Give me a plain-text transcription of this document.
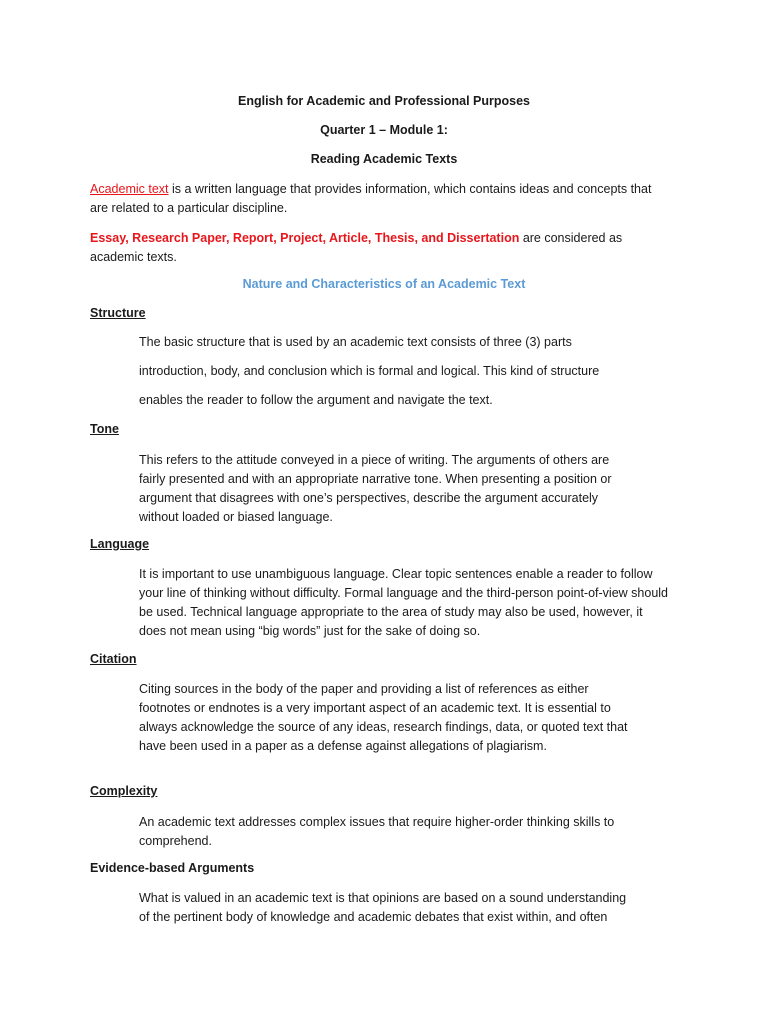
English for Academic and Professional Purposes
Quarter 1 – Module 1:
Reading Academic Texts
Academic text is a written language that provides information, which contains ideas and concepts that are related to a particular discipline.
Essay, Research Paper, Report, Project, Article, Thesis, and Dissertation are considered as academic texts.
Nature and Characteristics of an Academic Text
Structure
The basic structure that is used by an academic text consists of three (3) parts
introduction, body, and conclusion which is formal and logical. This kind of structure
enables the reader to follow the argument and navigate the text.
Tone
This refers to the attitude conveyed in a piece of writing. The arguments of others are fairly presented and with an appropriate narrative tone. When presenting a position or argument that disagrees with one’s perspectives, describe the argument accurately without loaded or biased language.
Language
It is important to use unambiguous language. Clear topic sentences enable a reader to follow your line of thinking without difficulty. Formal language and the third-person point-of-view should be used. Technical language appropriate to the area of study may also be used, however, it does not mean using “big words” just for the sake of doing so.
Citation
Citing sources in the body of the paper and providing a list of references as either footnotes or endnotes is a very important aspect of an academic text. It is essential to always acknowledge the source of any ideas, research findings, data, or quoted text that have been used in a paper as a defense against allegations of plagiarism.
Complexity
An academic text addresses complex issues that require higher-order thinking skills to comprehend.
Evidence-based Arguments
What is valued in an academic text is that opinions are based on a sound understanding of the pertinent body of knowledge and academic debates that exist within, and often
